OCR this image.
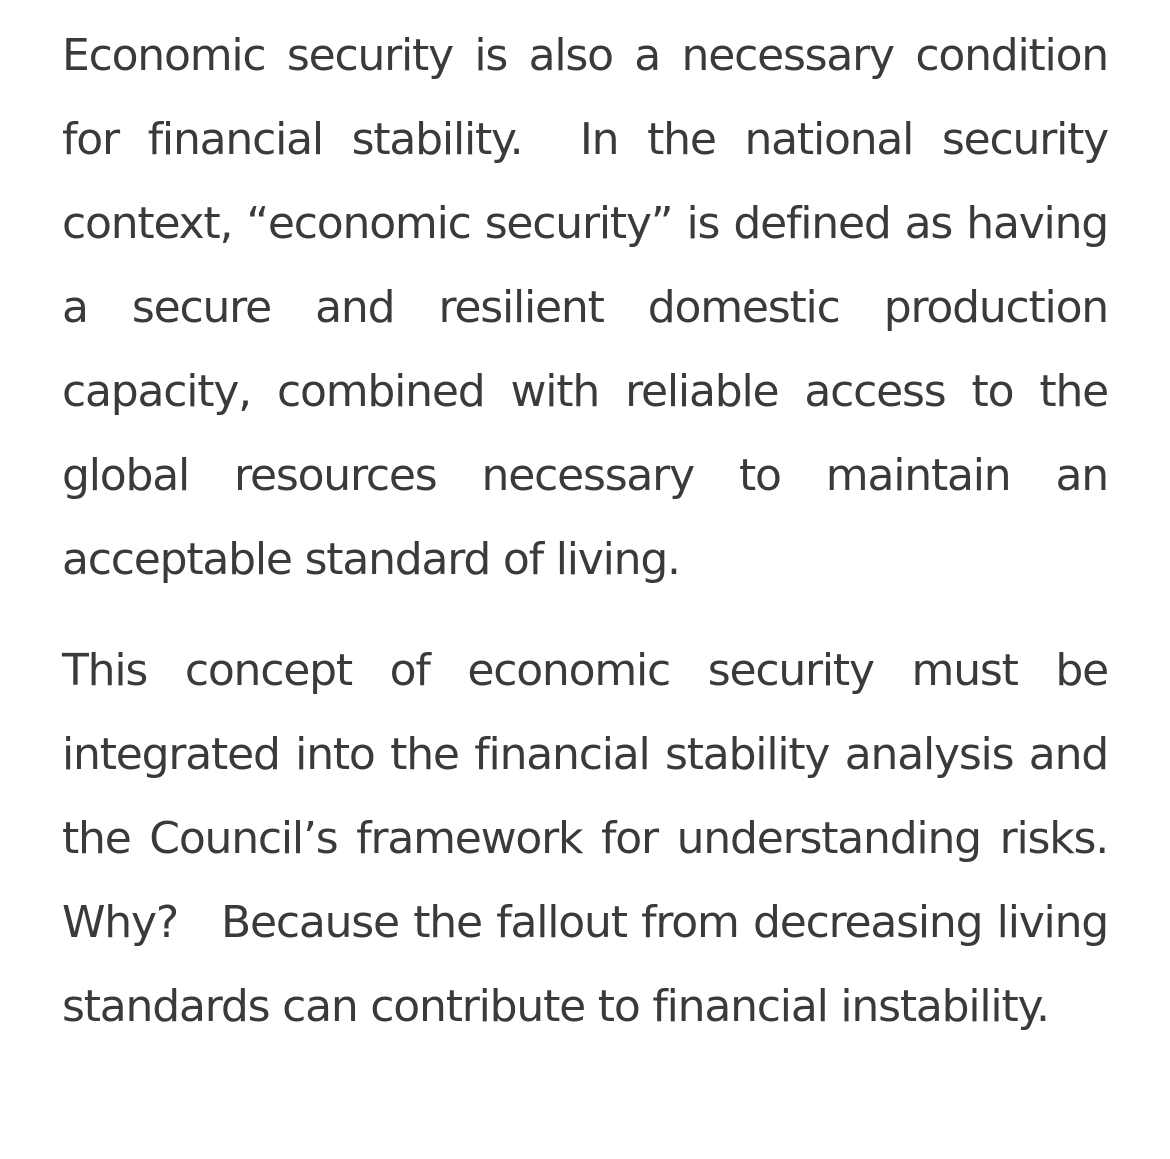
Economic security is also a necessary condition for financial stability.  In the national security context, “economic security” is defined as having a secure and resilient domestic production capacity, combined with reliable access to the global resources necessary to maintain an acceptable standard of living.

This concept of economic security must be integrated into the financial stability analysis and the Council’s framework for understanding risks.   Why?   Because the fallout from decreasing living standards can contribute to financial instability.
